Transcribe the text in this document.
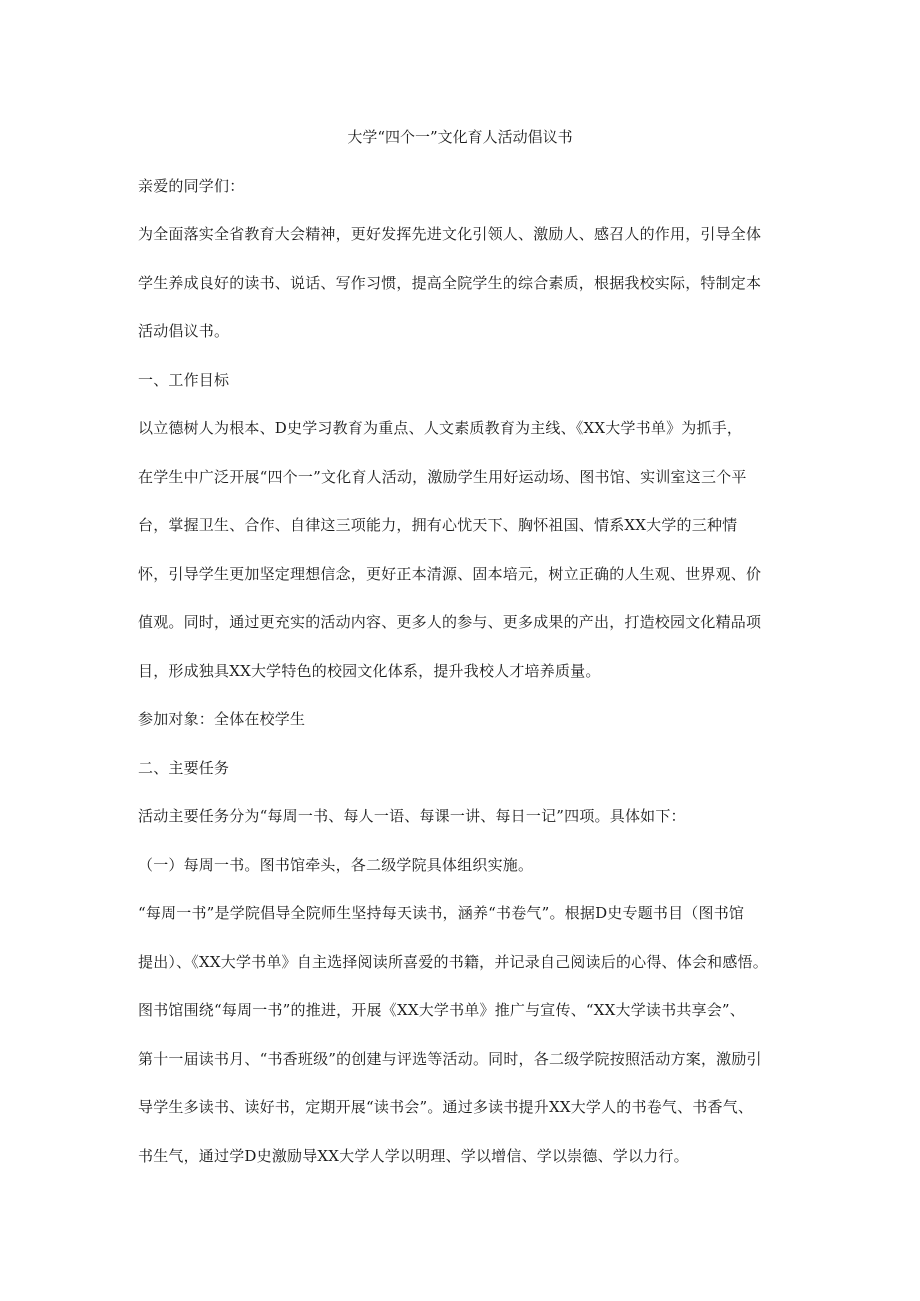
大学“四个一”文化育人活动倡议书
亲爱的同学们：
为全面落实全省教育大会精神，更好发挥先进文化引领人、激励人、感召人的作用，引导全体
学生养成良好的读书、说话、写作习惯，提高全院学生的综合素质，根据我校实际，特制定本
活动倡议书。
一、工作目标
以立德树人为根本、D史学习教育为重点、人文素质教育为主线、《XX大学书单》为抓手，
在学生中广泛开展“四个一”文化育人活动，激励学生用好运动场、图书馆、实训室这三个平
台，掌握卫生、合作、自律这三项能力，拥有心忧天下、胸怀祖国、情系XX大学的三种情
怀，引导学生更加坚定理想信念，更好正本清源、固本培元，树立正确的人生观、世界观、价
值观。同时，通过更充实的活动内容、更多人的参与、更多成果的产出，打造校园文化精品项
目，形成独具XX大学特色的校园文化体系，提升我校人才培养质量。
参加对象：全体在校学生
二、主要任务
活动主要任务分为“每周一书、每人一语、每课一讲、每日一记”四项。具体如下：
（一）每周一书。图书馆牵头，各二级学院具体组织实施。
“每周一书”是学院倡导全院师生坚持每天读书，涵养“书卷气”。根据D史专题书目（图书馆
提出）、《XX大学书单》自主选择阅读所喜爱的书籍，并记录自己阅读后的心得、体会和感悟。
图书馆围绕“每周一书”的推进，开展《XX大学书单》推广与宣传、“XX大学读书共享会”、
第十一届读书月、“书香班级”的创建与评选等活动。同时，各二级学院按照活动方案，激励引
导学生多读书、读好书，定期开展“读书会”。通过多读书提升XX大学人的书卷气、书香气、
书生气，通过学D史激励导XX大学人学以明理、学以增信、学以崇德、学以力行。
